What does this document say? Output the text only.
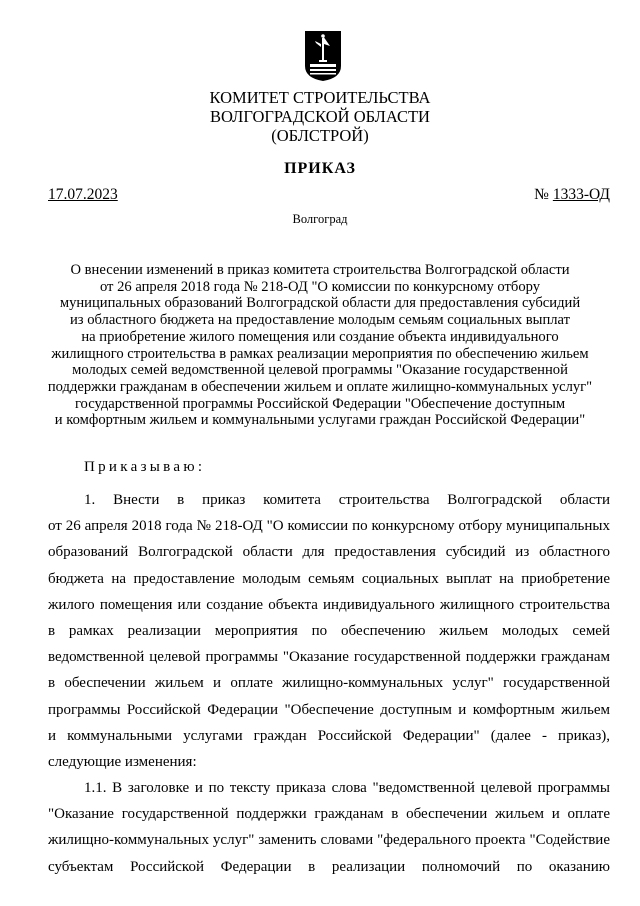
КОМИТЕТ СТРОИТЕЛЬСТВА
ВОЛГОГРАДСКОЙ ОБЛАСТИ
(ОБЛСТРОЙ)
ПРИКАЗ
17.07.2023	№ 1333-ОД
Волгоград
О внесении изменений в приказ комитета строительства Волгоградской области
от 26 апреля 2018 года № 218-ОД "О комиссии по конкурсному отбору
муниципальных образований Волгоградской области для предоставления субсидий
из областного бюджета на предоставление молодым семьям социальных выплат
на приобретение жилого помещения или создание объекта индивидуального
жилищного строительства в рамках реализации мероприятия по обеспечению жильем
молодых семей ведомственной целевой программы "Оказание государственной
поддержки гражданам в обеспечении жильем и оплате жилищно-коммунальных услуг"
государственной программы Российской Федерации "Обеспечение доступным
и комфортным жильем и коммунальными услугами граждан Российской Федерации"
Приказываю:
1. Внести в приказ комитета строительства Волгоградской области
от 26 апреля 2018 года № 218-ОД "О комиссии по конкурсному отбору муниципальных
образований Волгоградской области для предоставления субсидий из областного
бюджета на предоставление молодым семьям социальных выплат на приобретение
жилого помещения или создание объекта индивидуального жилищного строительства
в рамках реализации мероприятия по обеспечению жильем молодых семей
ведомственной целевой программы "Оказание государственной поддержки гражданам
в обеспечении жильем и оплате жилищно-коммунальных услуг" государственной
программы Российской Федерации "Обеспечение доступным и комфортным жильем
и коммунальными услугами граждан Российской Федерации" (далее - приказ),
следующие изменения:
1.1. В заголовке и по тексту приказа слова "ведомственной целевой программы
"Оказание государственной поддержки гражданам в обеспечении жильем и оплате
жилищно-коммунальных услуг" заменить словами "федерального проекта "Содействие
субъектам Российской Федерации в реализации полномочий по оказанию
